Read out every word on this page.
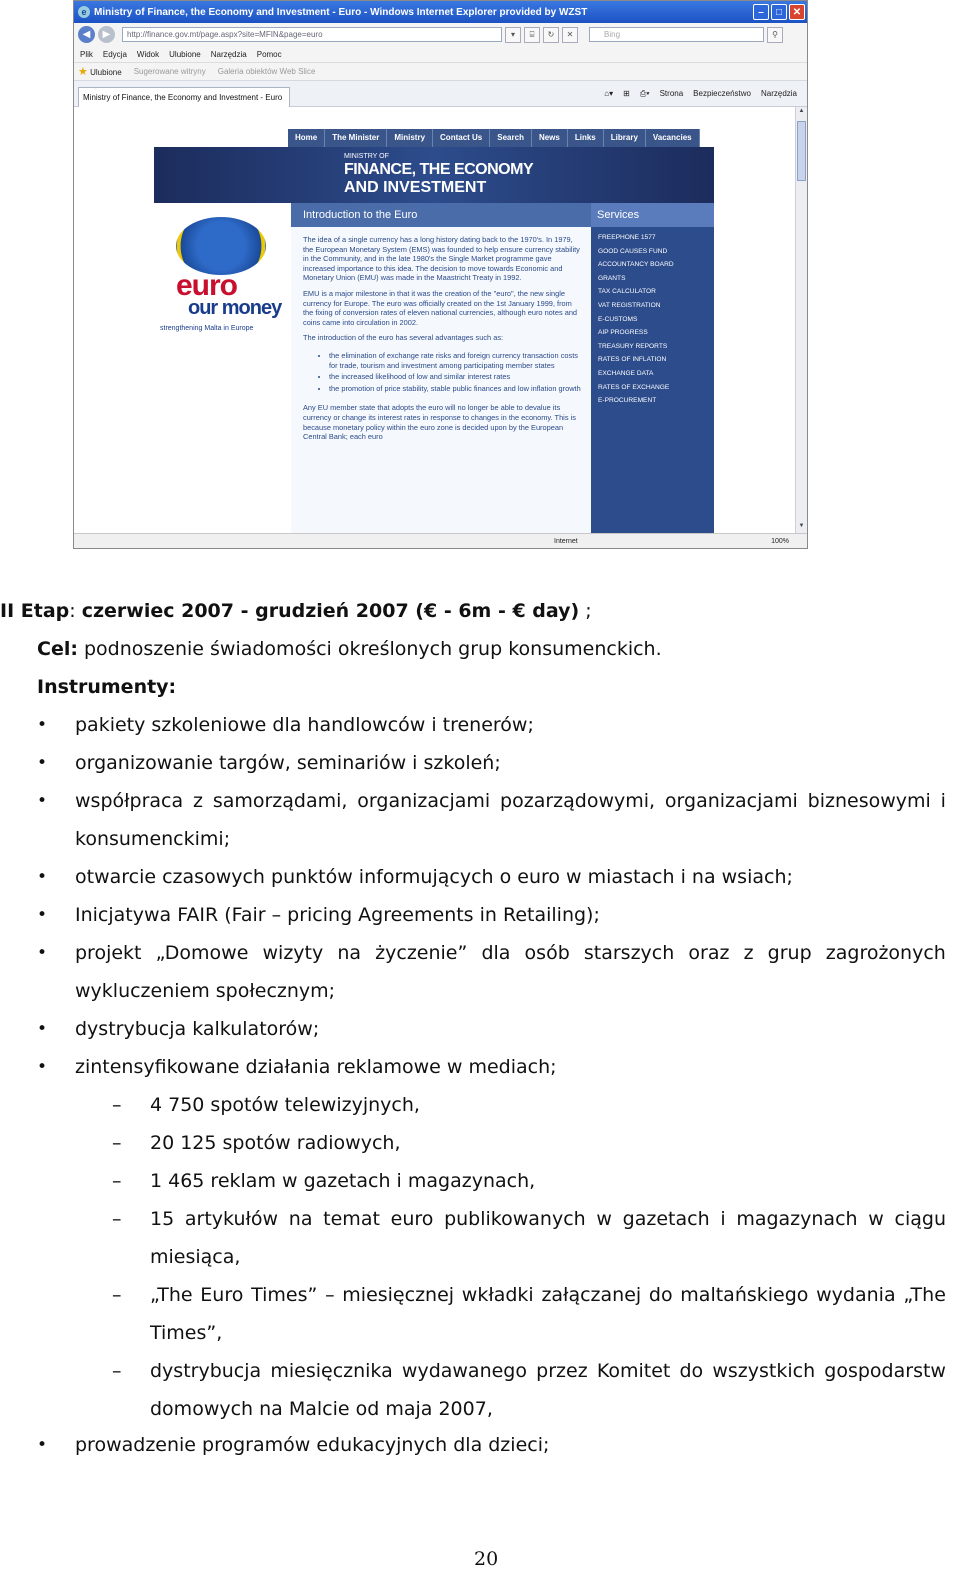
e Ministry of Finance, the Economy and Investment - Euro - Windows Internet Explorer provided by WZST	–	□	✕
◀	▶	http://finance.gov.mt/page.aspx?site=MFIN&page=euro	▾	⌸	↻	✕	Bing	⚲
Plik Edycja Widok Ulubione Narzędzia Pomoc
★ Ulubione Sugerowane witryny Galeria obiektów Web Slice
Ministry of Finance, the Economy and Investment - Euro	⌂▾ ⊞ ⎙▾ Strona Bezpieczeństwo Narzędzia
Home	The Minister	Ministry	Contact Us	Search	News	Links	Library	Vacancies
MINISTRY OF
FINANCE, THE ECONOMY
AND INVESTMENT
euro
our money
strengthening Malta in Europe
Introduction to the Euro

The idea of a single currency has a long history dating back to the 1970's. In 1979, the European Monetary System (EMS) was founded to help ensure currency stability in the Community, and in the late 1980's the Single Market programme gave increased importance to this idea. The decision to move towards Economic and Monetary Union (EMU) was made in the Maastricht Treaty in 1992.

EMU is a major milestone in that it was the creation of the "euro", the new single currency for Europe. The euro was officially created on the 1st January 1999, from the fixing of conversion rates of eleven national currencies, although euro notes and coins came into circulation in 2002.

The introduction of the euro has several advantages such as:

• the elimination of exchange rate risks and foreign currency transaction costs for trade, tourism and investment among participating member states
• the increased likelihood of low and similar interest rates
• the promotion of price stability, stable public finances and low inflation growth

Any EU member state that adopts the euro will no longer be able to devalue its currency or change its interest rates in response to changes in the economy. This is because monetary policy within the euro zone is decided upon by the European Central Bank; each euro

Services
FREEPHONE 1577
GOOD CAUSES FUND
ACCOUNTANCY BOARD
GRANTS
TAX CALCULATOR
VAT REGISTRATION
E-CUSTOMS
AIP PROGRESS
TREASURY REPORTS
RATES OF INFLATION
EXCHANGE DATA
RATES OF EXCHANGE
E-PROCUREMENT
▲
▼
Internet	100%
II Etap: czerwiec 2007 - grudzień 2007 (€ - 6m - € day) ;
Cel: podnoszenie świadomości określonych grup konsumenckich.
Instrumenty:
• pakiety szkoleniowe dla handlowców i trenerów;
• organizowanie targów, seminariów i szkoleń;
• współpraca z samorządami, organizacjami pozarządowymi, organizacjami biznesowymi i
konsumenckimi;
• otwarcie czasowych punktów informujących o euro w miastach i na wsiach;
• Inicjatywa FAIR (Fair – pricing Agreements in Retailing);
• projekt „Domowe wizyty na życzenie” dla osób starszych oraz z grup zagrożonych
wykluczeniem społecznym;
• dystrybucja kalkulatorów;
• zintensyfikowane działania reklamowe w mediach;
– 4 750 spotów telewizyjnych,
– 20 125 spotów radiowych,
– 1 465 reklam w gazetach i magazynach,
– 15 artykułów na temat euro publikowanych w gazetach i magazynach w ciągu
miesiąca,
– „The Euro Times” – miesięcznej wkładki załączanej do maltańskiego wydania „The
Times”,
– dystrybucja miesięcznika wydawanego przez Komitet do wszystkich gospodarstw
domowych na Malcie od maja 2007,
• prowadzenie programów edukacyjnych dla dzieci;
20
